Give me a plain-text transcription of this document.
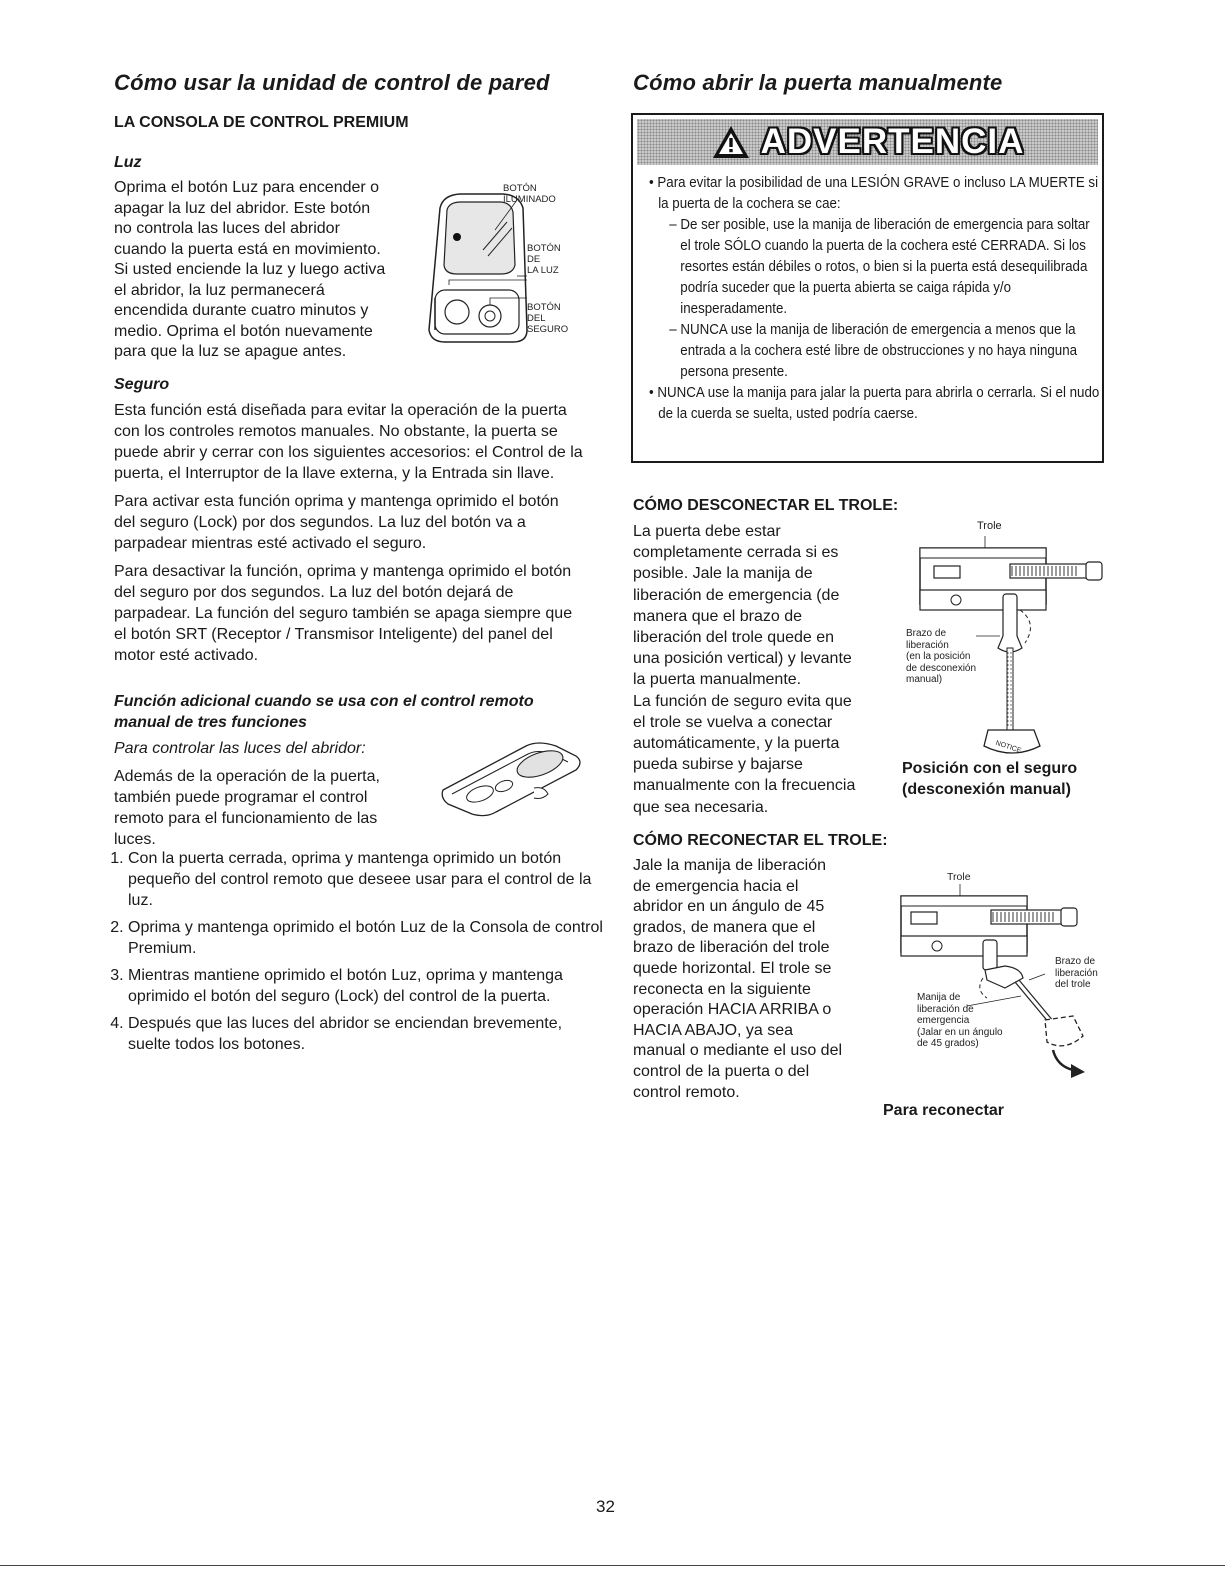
Cómo usar la unidad de control de pared
LA CONSOLA DE CONTROL PREMIUM
Luz
Oprima el botón Luz para encender o
apagar la luz del abridor. Este botón
no controla las luces del abridor
cuando la puerta está en movimiento.
Si usted enciende la luz y luego activa
el abridor, la luz permanecerá
encendida durante cuatro minutos y
medio. Oprima el botón nuevamente
para que la luz se apague antes.
BOTÓN
ILUMINADO
BOTÓN
DE
LA LUZ
BOTÓN
DEL
SEGURO
Seguro

Esta función está diseñada para evitar la operación de la puerta con los controles remotos manuales. No obstante, la puerta se puede abrir y cerrar con los siguientes accesorios: el Control de la puerta, el Interruptor de la llave externa, y la Entrada sin llave.

Para activar esta función oprima y mantenga oprimido el botón del seguro (Lock) por dos segundos. La luz del botón va a parpadear mientras esté activado el seguro.

Para desactivar la función, oprima y mantenga oprimido el botón del seguro por dos segundos. La luz del botón dejará de parpadear. La función del seguro también se apaga siempre que el botón SRT (Receptor / Transmisor Inteligente) del panel del motor esté activado.

Función adicional cuando se usa con el control remoto manual de tres funciones
Para controlar las luces del abridor:
Además de la operación de la puerta,
también puede programar el control
remoto para el funcionamiento de las
luces.
1. Con la puerta cerrada, oprima y mantenga oprimido un botón pequeño del control remoto que deseee usar para el control de la luz.
2. Oprima y mantenga oprimido el botón Luz de la Consola de control Premium.
3. Mientras mantiene oprimido el botón Luz, oprima y mantenga oprimido el botón del seguro (Lock) del control de la puerta.
4. Después que las luces del abridor se enciendan brevemente, suelte todos los botones.
Cómo abrir la puerta manualmente
ADVERTENCIA

• Para evitar la posibilidad de una LESIÓN GRAVE o incluso LA MUERTE si la puerta de la cochera se cae:

– De ser posible, use la manija de liberación de emergencia para soltar el trole SÓLO cuando la puerta de la cochera esté CERRADA. Si los resortes están débiles o rotos, o bien si la puerta está desequilibrada podría suceder que la puerta abierta se caiga rápida y/o inesperadamente.

– NUNCA use la manija de liberación de emergencia a menos que la entrada a la cochera esté libre de obstrucciones y no haya ninguna persona presente.

• NUNCA use la manija para jalar la puerta para abrirla o cerrarla. Si el nudo de la cuerda se suelta, usted podría caerse.

CÓMO DESCONECTAR EL TROLE:
La puerta debe estar
completamente cerrada si es
posible. Jale la manija de
liberación de emergencia (de
manera que el brazo de
liberación del trole quede en
una posición vertical) y levante
la puerta manualmente.
La función de seguro evita que
el trole se vuelva a conectar
automáticamente, y la puerta
pueda subirse y bajarse
manualmente con la frecuencia
que sea necesaria.
NOTICE
Trole
Brazo de
liberación
(en la posición
de desconexión
manual)
Posición con el seguro
(desconexión manual)
CÓMO RECONECTAR EL TROLE:
Jale la manija de liberación
de emergencia hacia el
abridor en un ángulo de 45
grados, de manera que el
brazo de liberación del trole
quede horizontal. El trole se
reconecta en la siguiente
operación HACIA ARRIBA o
HACIA ABAJO, ya sea
manual o mediante el uso del
control de la puerta o del
control remoto.
Trole
Brazo de
liberación
del trole
Manija de
liberación de
emergencia
(Jalar en un ángulo
de 45 grados)
Para reconectar
32
